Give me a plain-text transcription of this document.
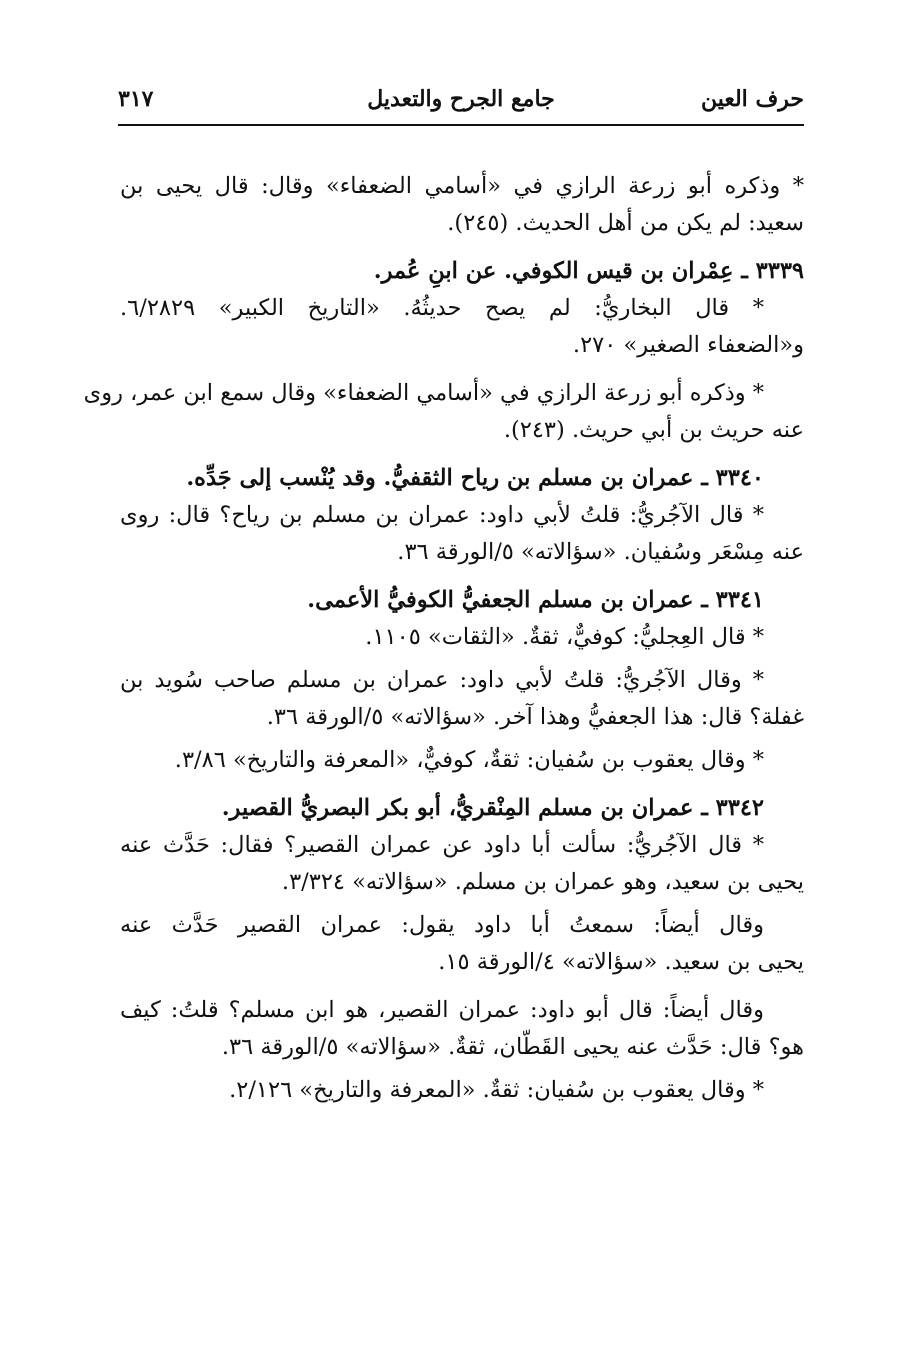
حرف العين
جامع الجرح والتعديل
٣١٧
* وذكره أبو زرعة الرازي في «أسامي الضعفاء» وقال: قال يحيى بن
سعيد: لم يكن من أهل الحديث. (٢٤٥).
٣٣٣٩ ـ عِمْران بن قيس الكوفي. عن ابنِ عُمر.
* قال البخاريُّ: لم يصح حديثُهُ. «التاريخ الكبير» ٦/٢٨٢٩.
و«الضعفاء الصغير» ٢٧٠.
* وذكره أبو زرعة الرازي في «أسامي الضعفاء» وقال سمع ابن عمر، روى
عنه حريث بن أبي حريث. (٢٤٣).
٣٣٤٠ ـ عمران بن مسلم بن رياح الثقفيُّ. وقد يُنْسب إلى جَدِّه.
* قال الآجُريُّ: قلتُ لأبي داود: عمران بن مسلم بن رياح؟ قال: روى
عنه مِسْعَر وسُفيان. «سؤالاته» ٥/الورقة ٣٦.
٣٣٤١ ـ عمران بن مسلم الجعفيُّ الكوفيُّ الأعمى.
* قال العِجليُّ: كوفيٌّ، ثقةٌ. «الثقات» ١١٠٥.
* وقال الآجُريُّ: قلتُ لأبي داود: عمران بن مسلم صاحب سُويد بن
غفلة؟ قال: هذا الجعفيُّ وهذا آخر. «سؤالاته» ٥/الورقة ٣٦.
* وقال يعقوب بن سُفيان: ثقةٌ، كوفيٌّ، «المعرفة والتاريخ» ٣/٨٦.
٣٣٤٢ ـ عمران بن مسلم المِنْقريُّ، أبو بكر البصريُّ القصير.
* قال الآجُريُّ: سألت أبا داود عن عمران القصير؟ فقال: حَدَّث عنه
يحيى بن سعيد، وهو عمران بن مسلم. «سؤالاته» ٣/٣٢٤.
وقال أيضاً: سمعتُ أبا داود يقول: عمران القصير حَدَّث عنه
يحيى بن سعيد. «سؤالاته» ٤/الورقة ١٥.
وقال أيضاً: قال أبو داود: عمران القصير، هو ابن مسلم؟ قلتُ: كيف
هو؟ قال: حَدَّث عنه يحيى القَطّان، ثقةٌ. «سؤالاته» ٥/الورقة ٣٦.
* وقال يعقوب بن سُفيان: ثقةٌ. «المعرفة والتاريخ» ٢/١٢٦.
